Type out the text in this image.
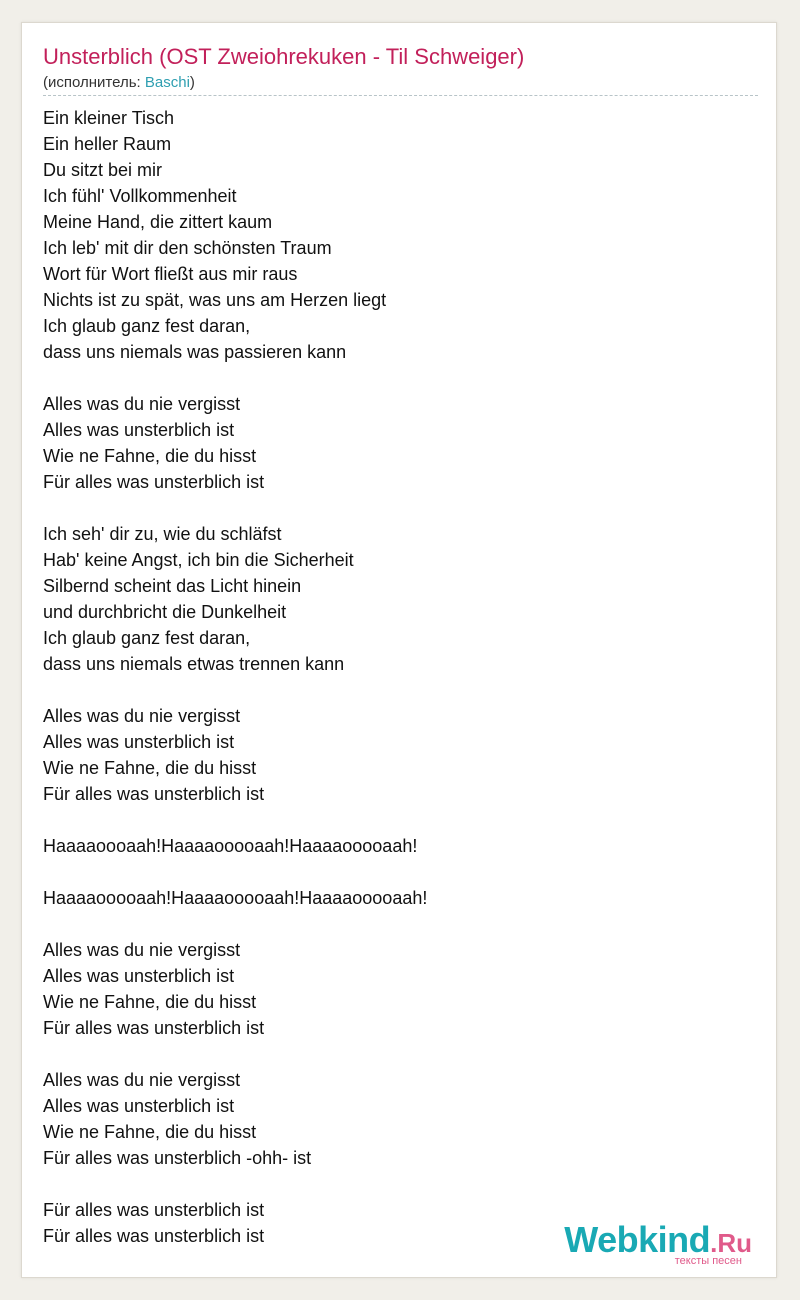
Unsterblich (OST Zweiohrekuken - Til Schweiger)
(исполнитель: Baschi)
Ein kleiner Tisch
Ein heller Raum
Du sitzt bei mir
Ich fühl' Vollkommenheit
Meine Hand, die zittert kaum
Ich leb' mit dir den schönsten Traum
Wort für Wort fließt aus mir raus
Nichts ist zu spät, was uns am Herzen liegt
Ich glaub ganz fest daran,
dass uns niemals was passieren kann
Alles was du nie vergisst
Alles was unsterblich ist
Wie ne Fahne, die du hisst
Für alles was unsterblich ist
Ich seh' dir zu, wie du schläfst
Hab' keine Angst, ich bin die Sicherheit
Silbernd scheint das Licht hinein
und durchbricht die Dunkelheit
Ich glaub ganz fest daran,
dass uns niemals etwas trennen kann
Alles was du nie vergisst
Alles was unsterblich ist
Wie ne Fahne, die du hisst
Für alles was unsterblich ist
Haaaaoooaah!Haaaaooooaah!Haaaaooooaah!
Haaaaooooaah!Haaaaooooaah!Haaaaooooaah!
Alles was du nie vergisst
Alles was unsterblich ist
Wie ne Fahne, die du hisst
Für alles was unsterblich ist
Alles was du nie vergisst
Alles was unsterblich ist
Wie ne Fahne, die du hisst
Für alles was unsterblich -ohh- ist
Für alles was unsterblich ist
Für alles was unsterblich ist	Webkind.Ru
тексты песен
